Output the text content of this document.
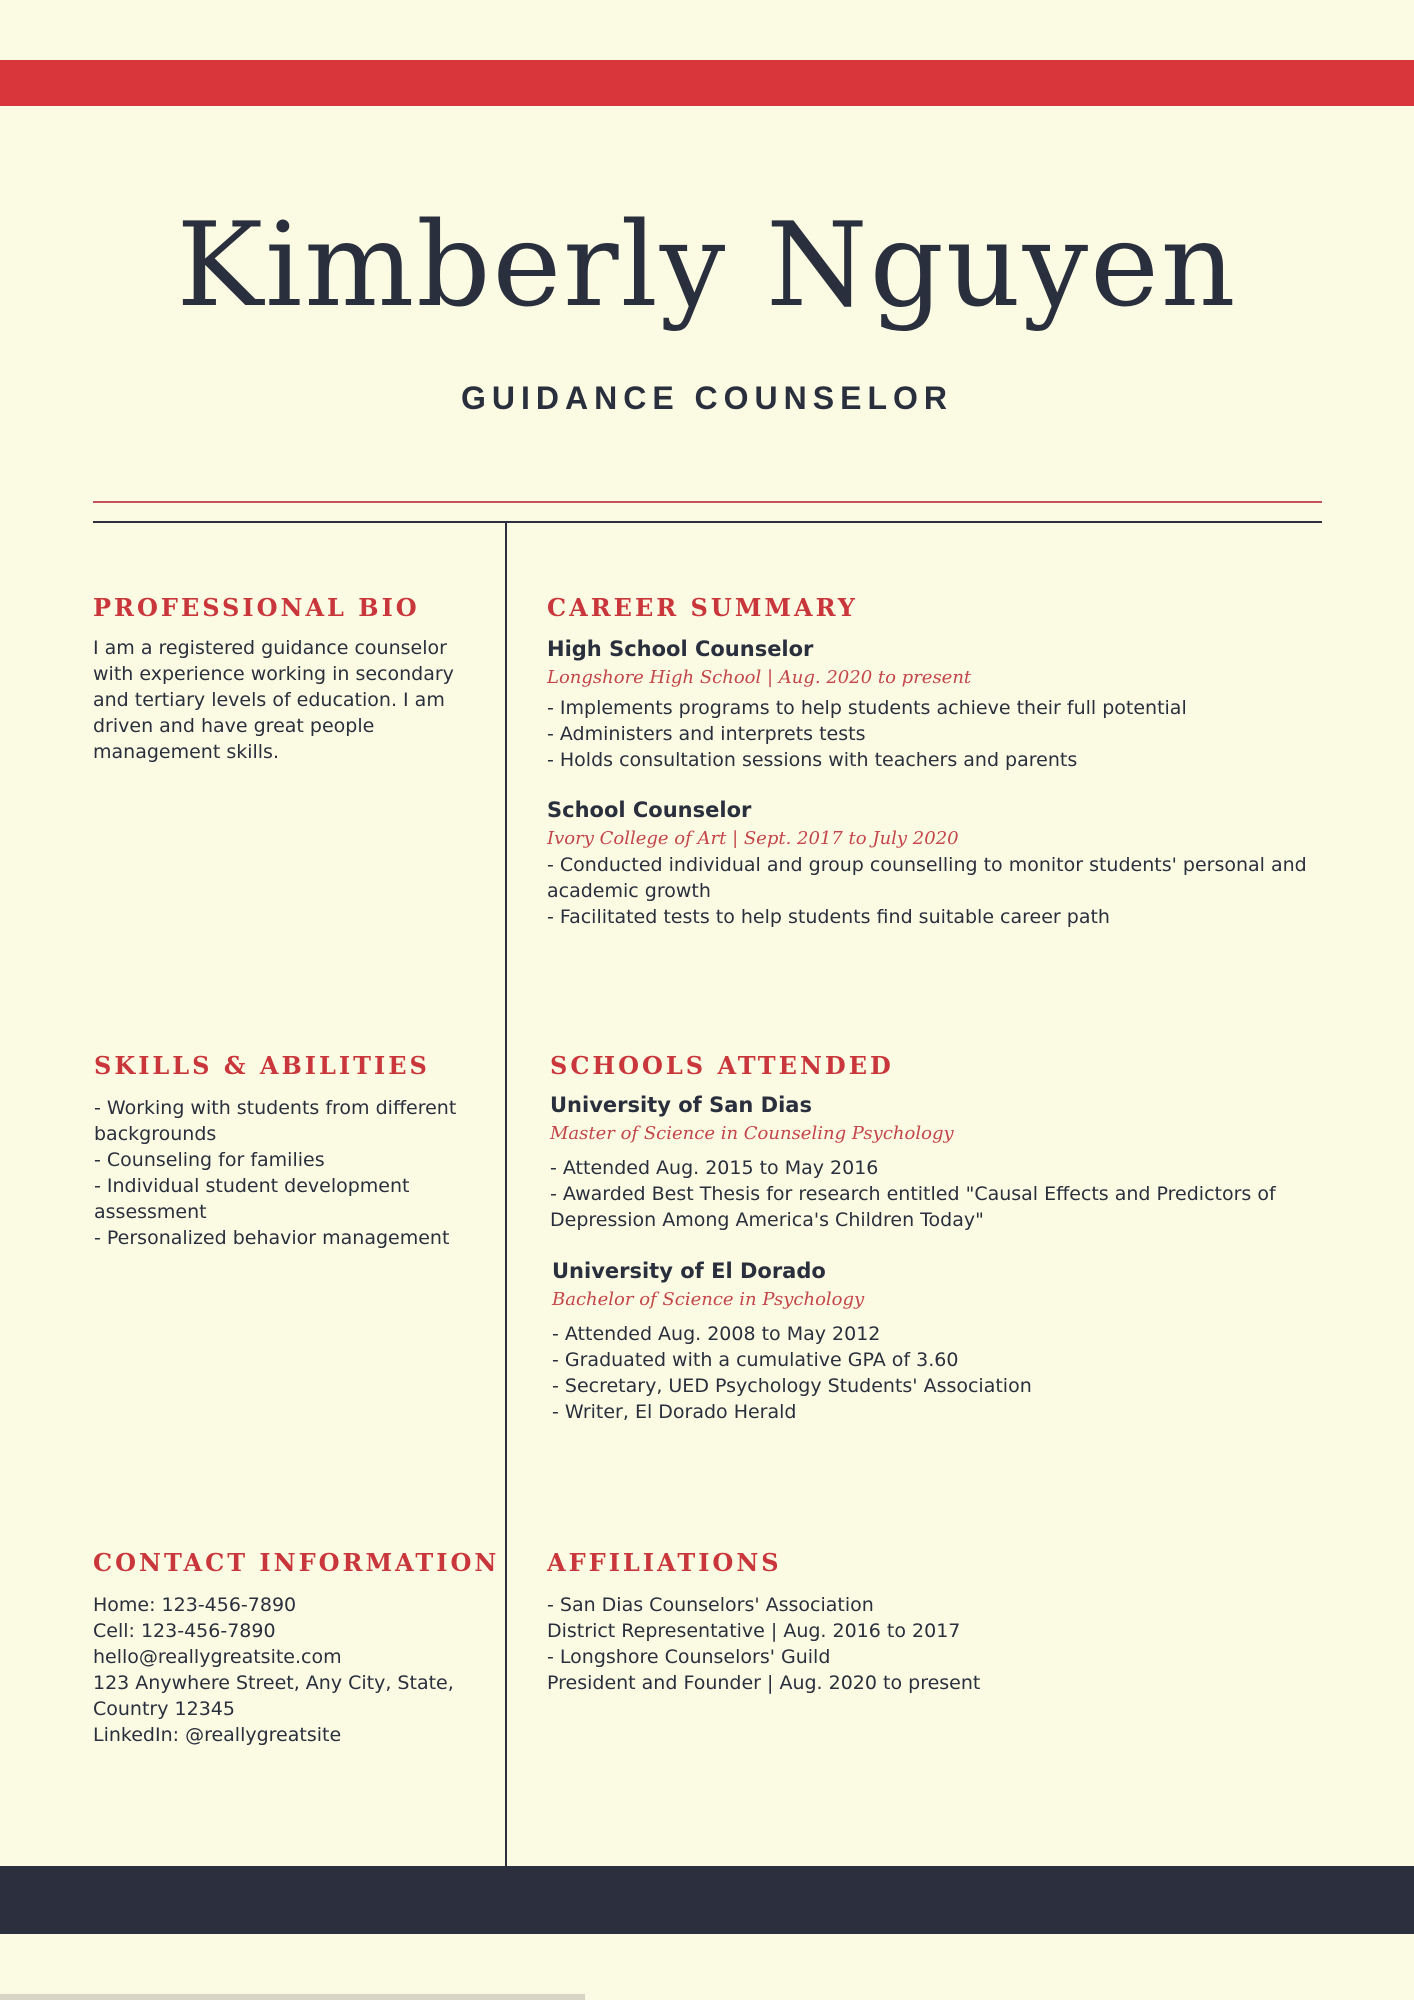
Kimberly Nguyen
GUIDANCE COUNSELOR
PROFESSIONAL BIO
I am a registered guidance counselor
with experience working in secondary
and tertiary levels of education. I am
driven and have great people
management skills.
CAREER SUMMARY

High School Counselor

Longshore High School | Aug. 2020 to present

- Implements programs to help students achieve their full potential
- Administers and interprets tests
- Holds consultation sessions with teachers and parents

School Counselor

Ivory College of Art | Sept. 2017 to July 2020

- Conducted individual and group counselling to monitor students' personal and
academic growth
- Facilitated tests to help students find suitable career path
SKILLS & ABILITIES
- Working with students from different
backgrounds
- Counseling for families
- Individual student development
assessment
- Personalized behavior management
SCHOOLS ATTENDED

University of San Dias

Master of Science in Counseling Psychology

- Attended Aug. 2015 to May 2016
- Awarded Best Thesis for research entitled "Causal Effects and Predictors of
Depression Among America's Children Today"

University of El Dorado

Bachelor of Science in Psychology

- Attended Aug. 2008 to May 2012
- Graduated with a cumulative GPA of 3.60
- Secretary, UED Psychology Students' Association
- Writer, El Dorado Herald
CONTACT INFORMATION
Home: 123-456-7890
Cell: 123-456-7890
hello@reallygreatsite.com
123 Anywhere Street, Any City, State,
Country 12345
LinkedIn: @reallygreatsite
AFFILIATIONS
- San Dias Counselors' Association
District Representative | Aug. 2016 to 2017
- Longshore Counselors' Guild
President and Founder | Aug. 2020 to present
